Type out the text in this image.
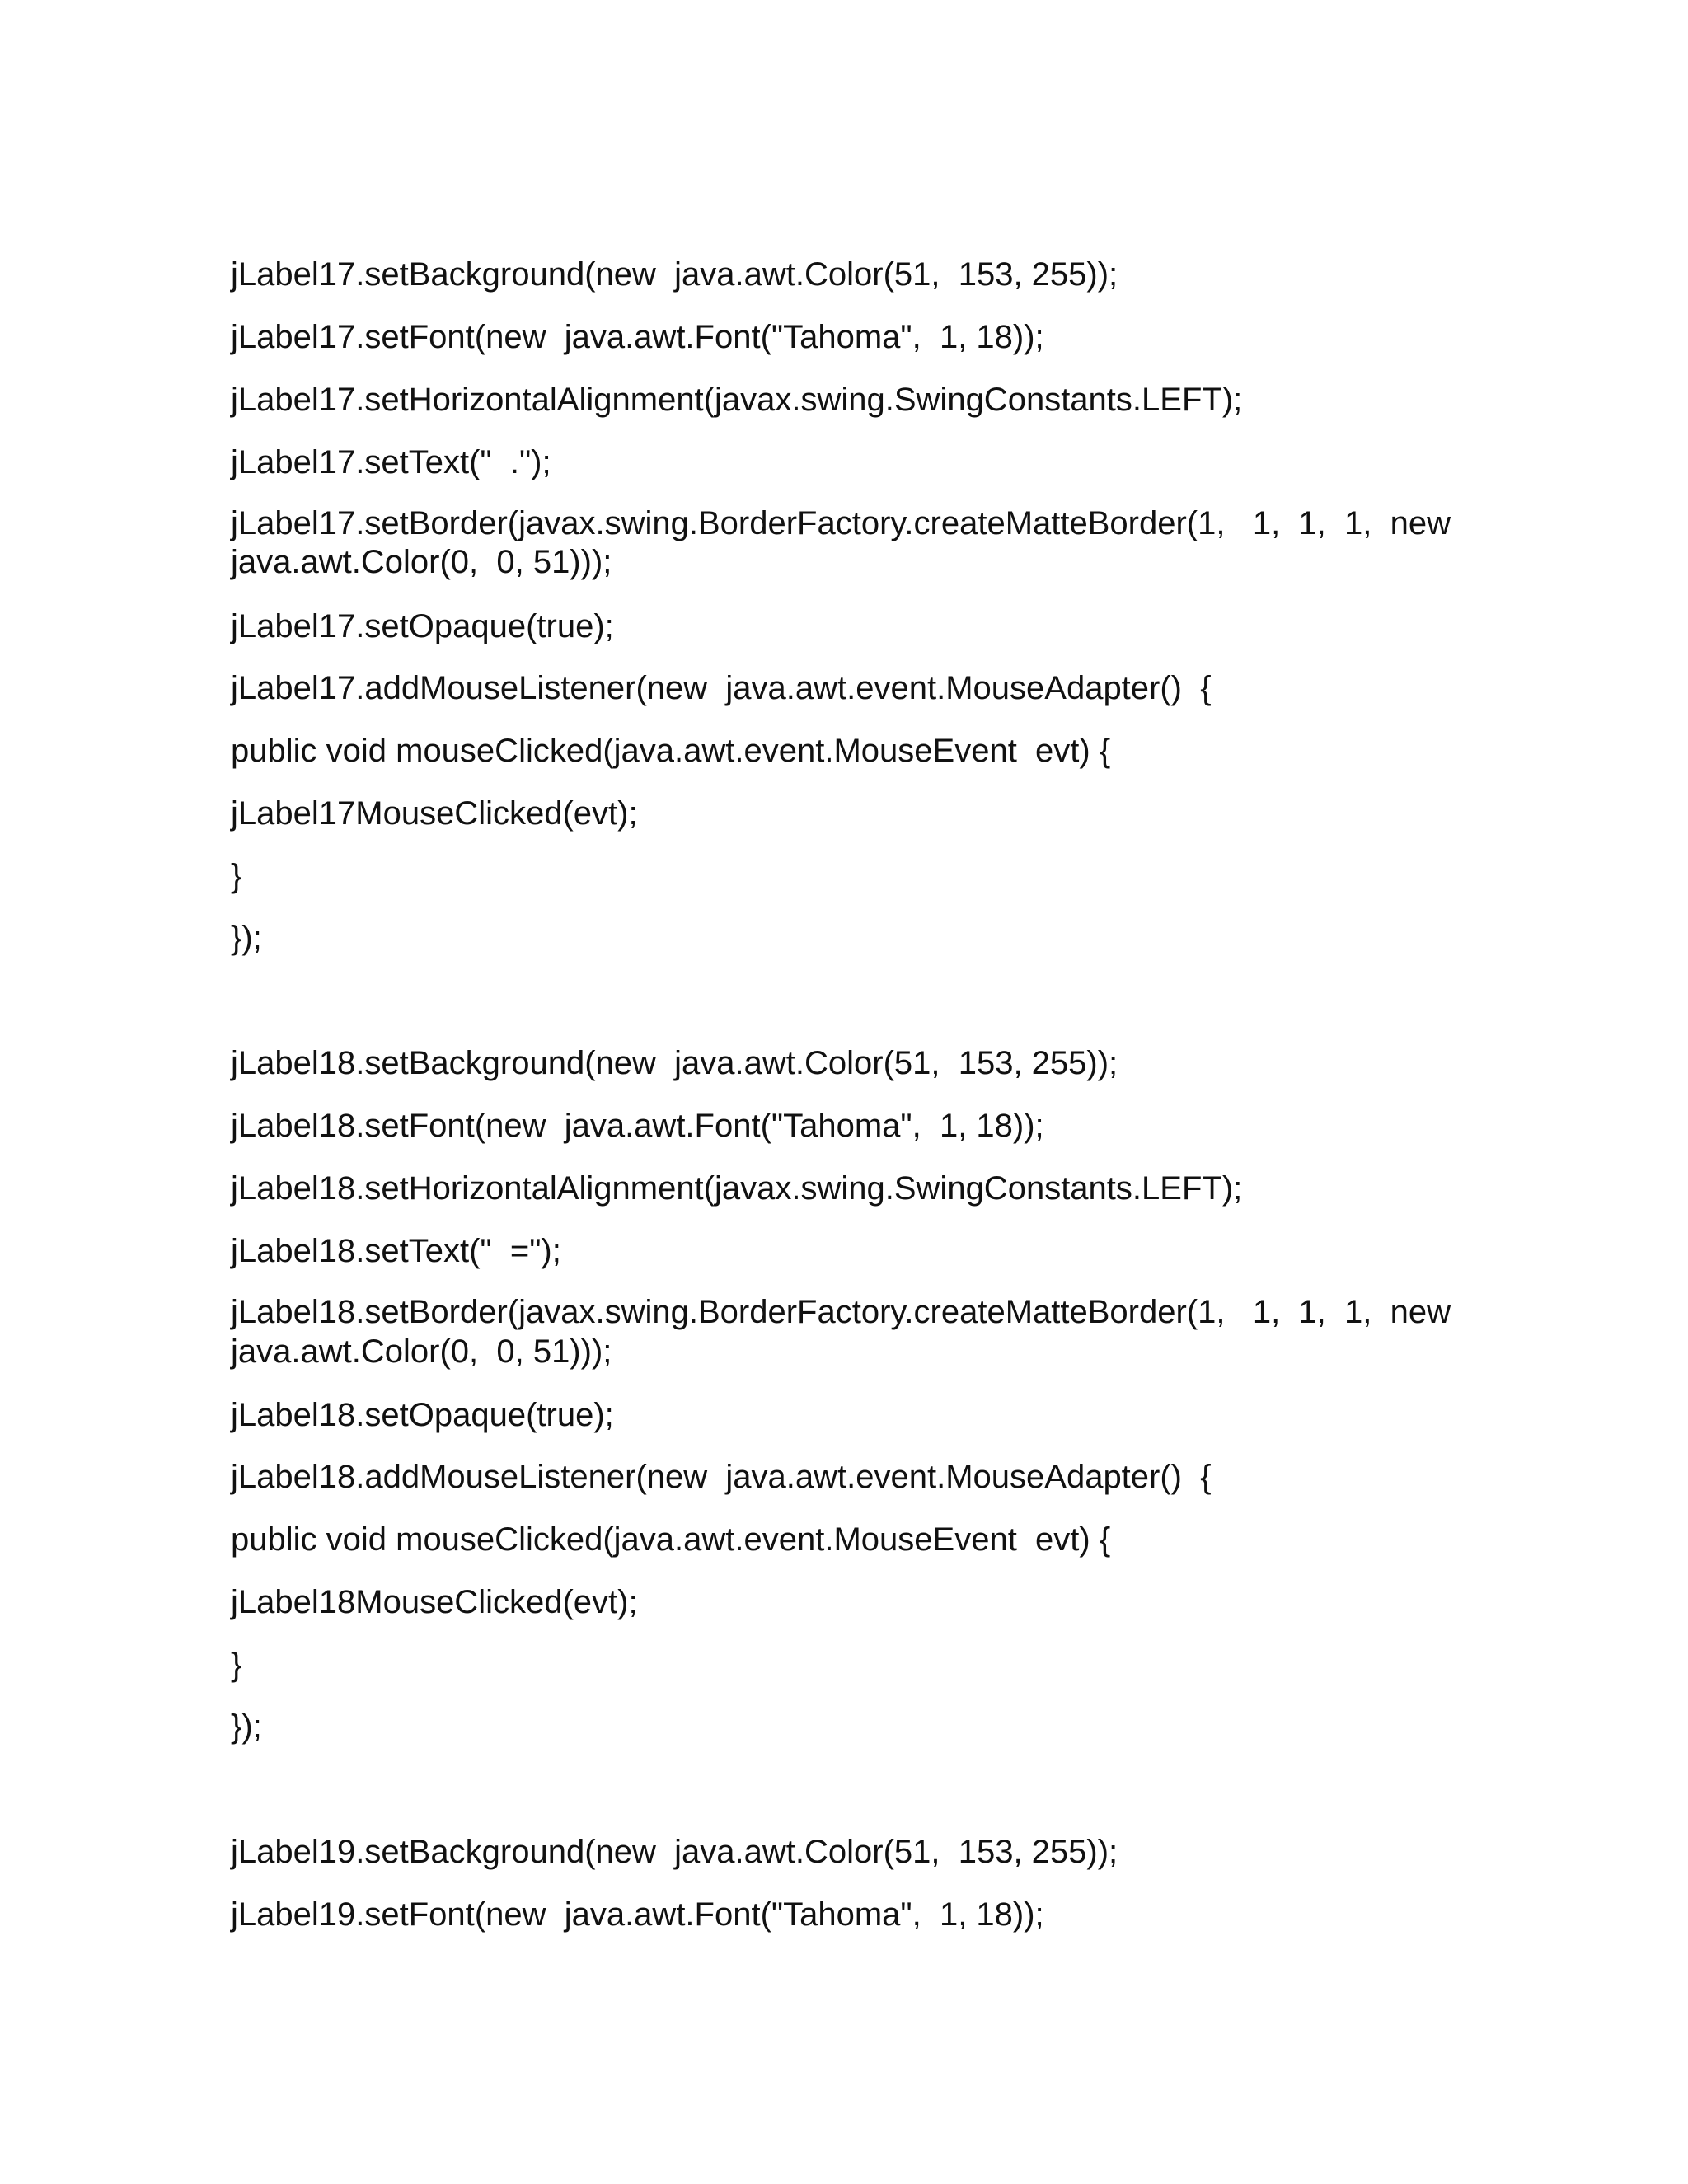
jLabel17.setBackground(new  java.awt.Color(51,  153, 255));
jLabel17.setFont(new  java.awt.Font("Tahoma",  1, 18));
jLabel17.setHorizontalAlignment(javax.swing.SwingConstants.LEFT);
jLabel17.setText("  .");
jLabel17.setBorder(javax.swing.BorderFactory.createMatteBorder(1,   1,  1,  1,  new
java.awt.Color(0,  0, 51)));
jLabel17.setOpaque(true);
jLabel17.addMouseListener(new  java.awt.event.MouseAdapter()  {
public void mouseClicked(java.awt.event.MouseEvent  evt) {
jLabel17MouseClicked(evt);
}
});
jLabel18.setBackground(new  java.awt.Color(51,  153, 255));
jLabel18.setFont(new  java.awt.Font("Tahoma",  1, 18));
jLabel18.setHorizontalAlignment(javax.swing.SwingConstants.LEFT);
jLabel18.setText("  =");
jLabel18.setBorder(javax.swing.BorderFactory.createMatteBorder(1,   1,  1,  1,  new
java.awt.Color(0,  0, 51)));
jLabel18.setOpaque(true);
jLabel18.addMouseListener(new  java.awt.event.MouseAdapter()  {
public void mouseClicked(java.awt.event.MouseEvent  evt) {
jLabel18MouseClicked(evt);
}
});
jLabel19.setBackground(new  java.awt.Color(51,  153, 255));
jLabel19.setFont(new  java.awt.Font("Tahoma",  1, 18));
